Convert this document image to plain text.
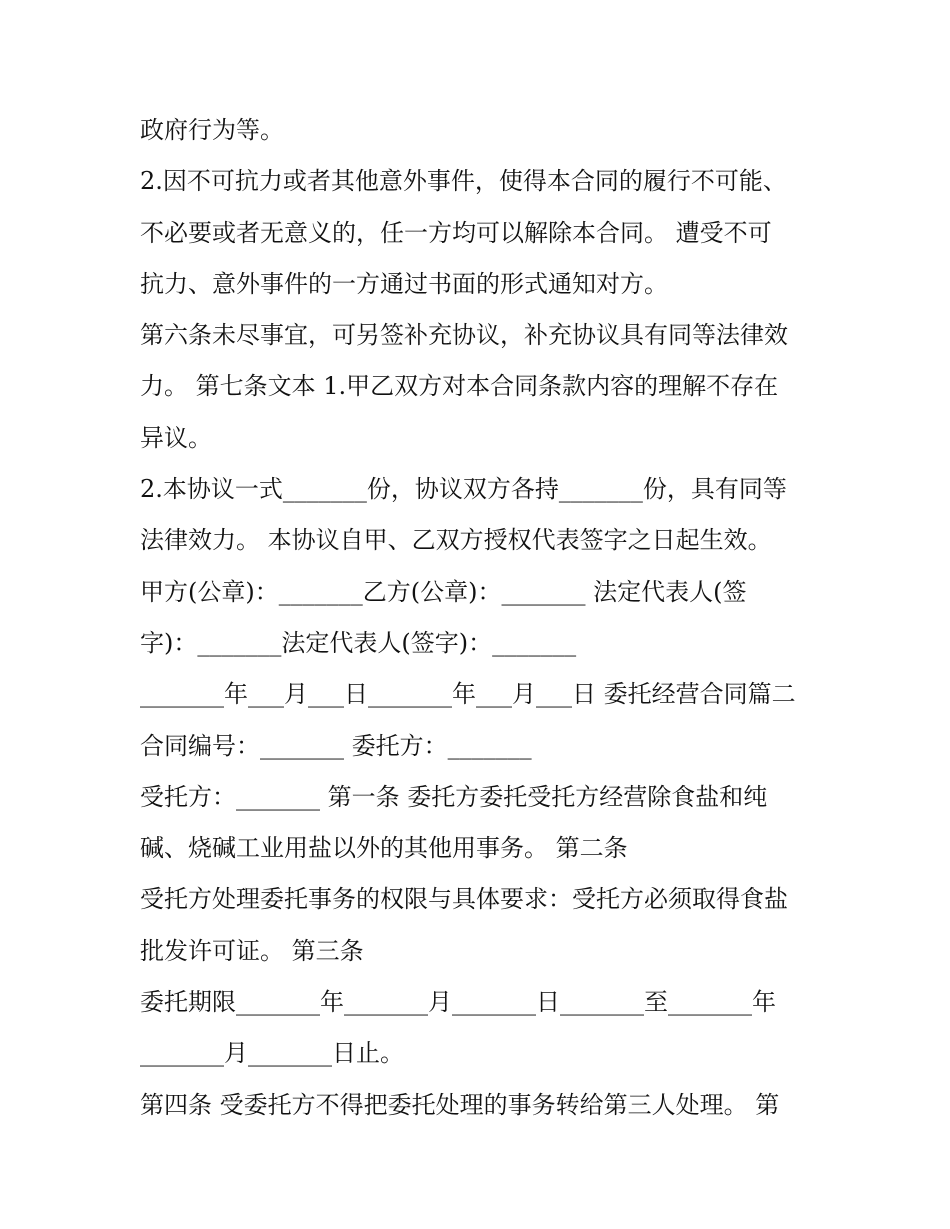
政府行为等。
2.因不可抗力或者其他意外事件，使得本合同的履行不可能、
不必要或者无意义的，任一方均可以解除本合同。 遭受不可
抗力、意外事件的一方通过书面的形式通知对方。
第六条未尽事宜，可另签补充协议，补充协议具有同等法律效
力。 第七条文本 1.甲乙双方对本合同条款内容的理解不存在
异议。
2.本协议一式_______份，协议双方各持_______份，具有同等
法律效力。 本协议自甲、乙双方授权代表签字之日起生效。
甲方(公章)：_______乙方(公章)：_______ 法定代表人(签
字)：_______法定代表人(签字)：_______
_______年___月___日_______年___月___日 委托经营合同篇二
合同编号：_______ 委托方：_______
受托方：_______ 第一条 委托方委托受托方经营除食盐和纯
碱、烧碱工业用盐以外的其他用事务。 第二条
受托方处理委托事务的权限与具体要求：受托方必须取得食盐
批发许可证。 第三条
委托期限_______年_______月_______日_______至_______年
_______月_______日止。
第四条 受委托方不得把委托处理的事务转给第三人处理。 第
